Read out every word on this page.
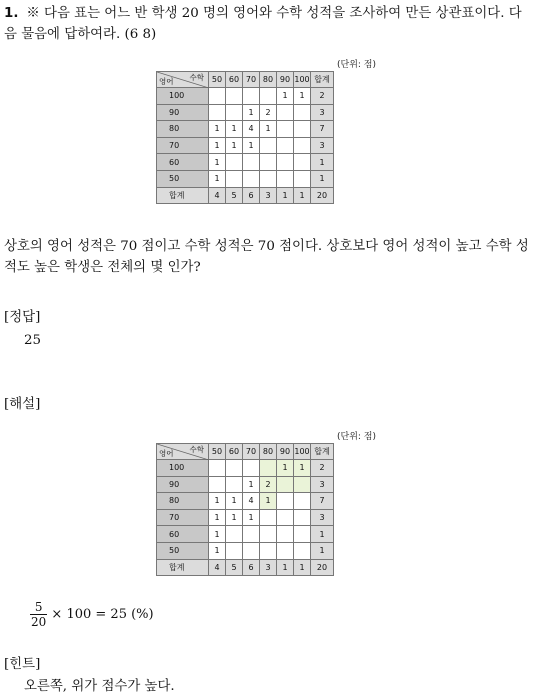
1. ※ 다음 표는 어느 반 학생 20 명의 영어와 수학 성적을 조사하여 만든 상관표이다. 다음 물음에 답하여라. (6 8)
(단위: 점)
수학
영어	50	60	70	80	90	100	합계
100					1	1	2
90			1	2			3
80	1	1	4	1			7
70	1	1	1				3
60	1						1
50	1						1
합계	4	5	6	3	1	1	20
상호의 영어 성적은 70 점이고 수학 성적은 70 점이다. 상호보다 영어 성적이 높고 수학 성적도 높은 학생은 전체의 몇 인가?
[정답]
25
[해설]
(단위: 점)
수학
영어	50	60	70	80	90	100	합계
100					1	1	2
90			1	2			3
80	1	1	4	1			7
70	1	1	1				3
60	1						1
50	1						1
합계	4	5	6	3	1	1	20
$\frac{5}{20} \times 100 = 25$ (%)
[힌트]
오른쪽, 위가 점수가 높다.
